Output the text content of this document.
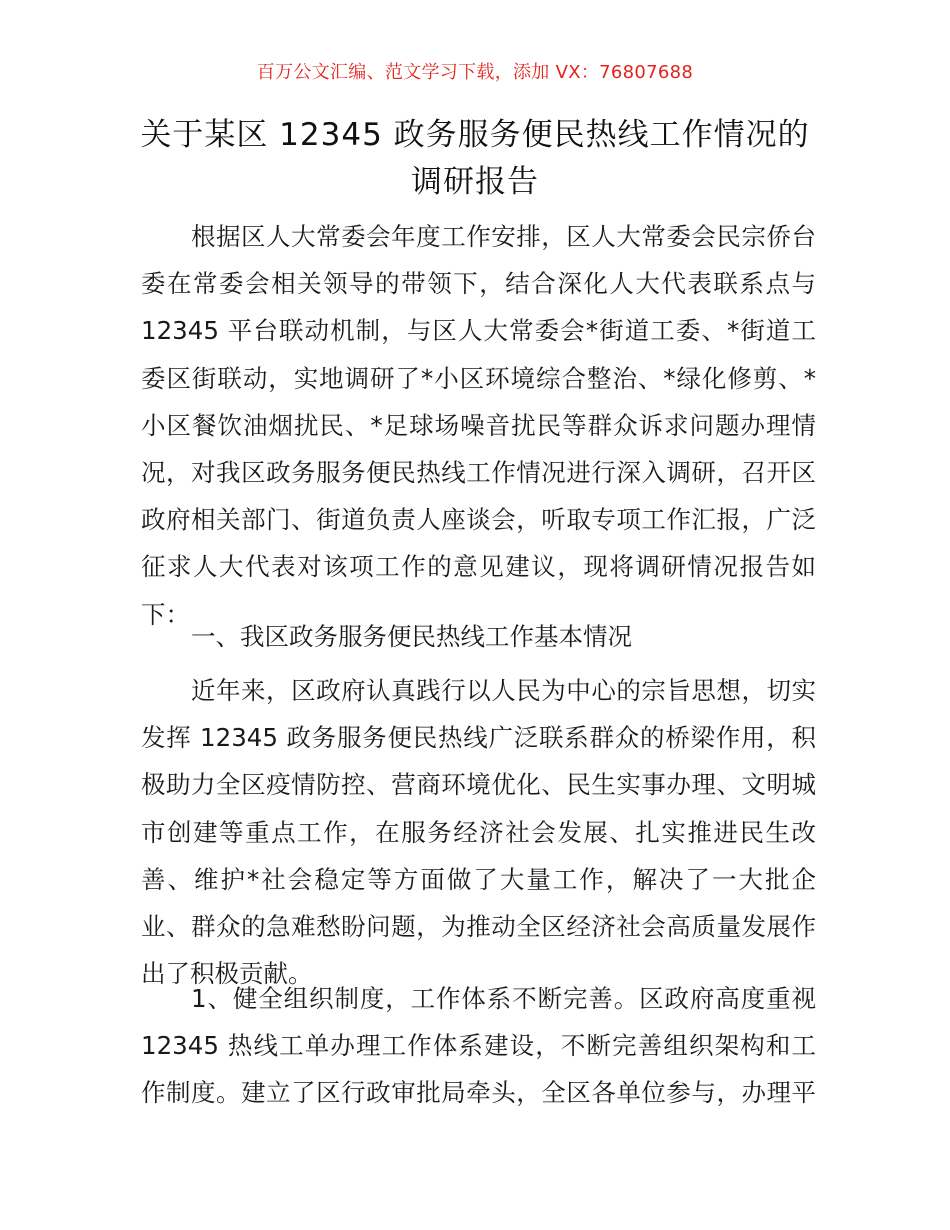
百万公文汇编、范文学习下载，添加 VX：76807688
关于某区 12345 政务服务便民热线工作情况的
调研报告
根据区人大常委会年度工作安排，区人大常委会民宗侨台
委在常委会相关领导的带领下，结合深化人大代表联系点与
12345 平台联动机制，与区人大常委会*街道工委、*街道工
委区街联动，实地调研了*小区环境综合整治、*绿化修剪、*
小区餐饮油烟扰民、*足球场噪音扰民等群众诉求问题办理情
况，对我区政务服务便民热线工作情况进行深入调研，召开区
政府相关部门、街道负责人座谈会，听取专项工作汇报，广泛
征求人大代表对该项工作的意见建议，现将调研情况报告如
下：
一、我区政务服务便民热线工作基本情况
近年来，区政府认真践行以人民为中心的宗旨思想，切实
发挥 12345 政务服务便民热线广泛联系群众的桥梁作用，积
极助力全区疫情防控、营商环境优化、民生实事办理、文明城
市创建等重点工作，在服务经济社会发展、扎实推进民生改
善、维护*社会稳定等方面做了大量工作，解决了一大批企
业、群众的急难愁盼问题，为推动全区经济社会高质量发展作
出了积极贡献。
1、健全组织制度，工作体系不断完善。区政府高度重视
12345 热线工单办理工作体系建设，不断完善组织架构和工
作制度。建立了区行政审批局牵头，全区各单位参与，办理平
